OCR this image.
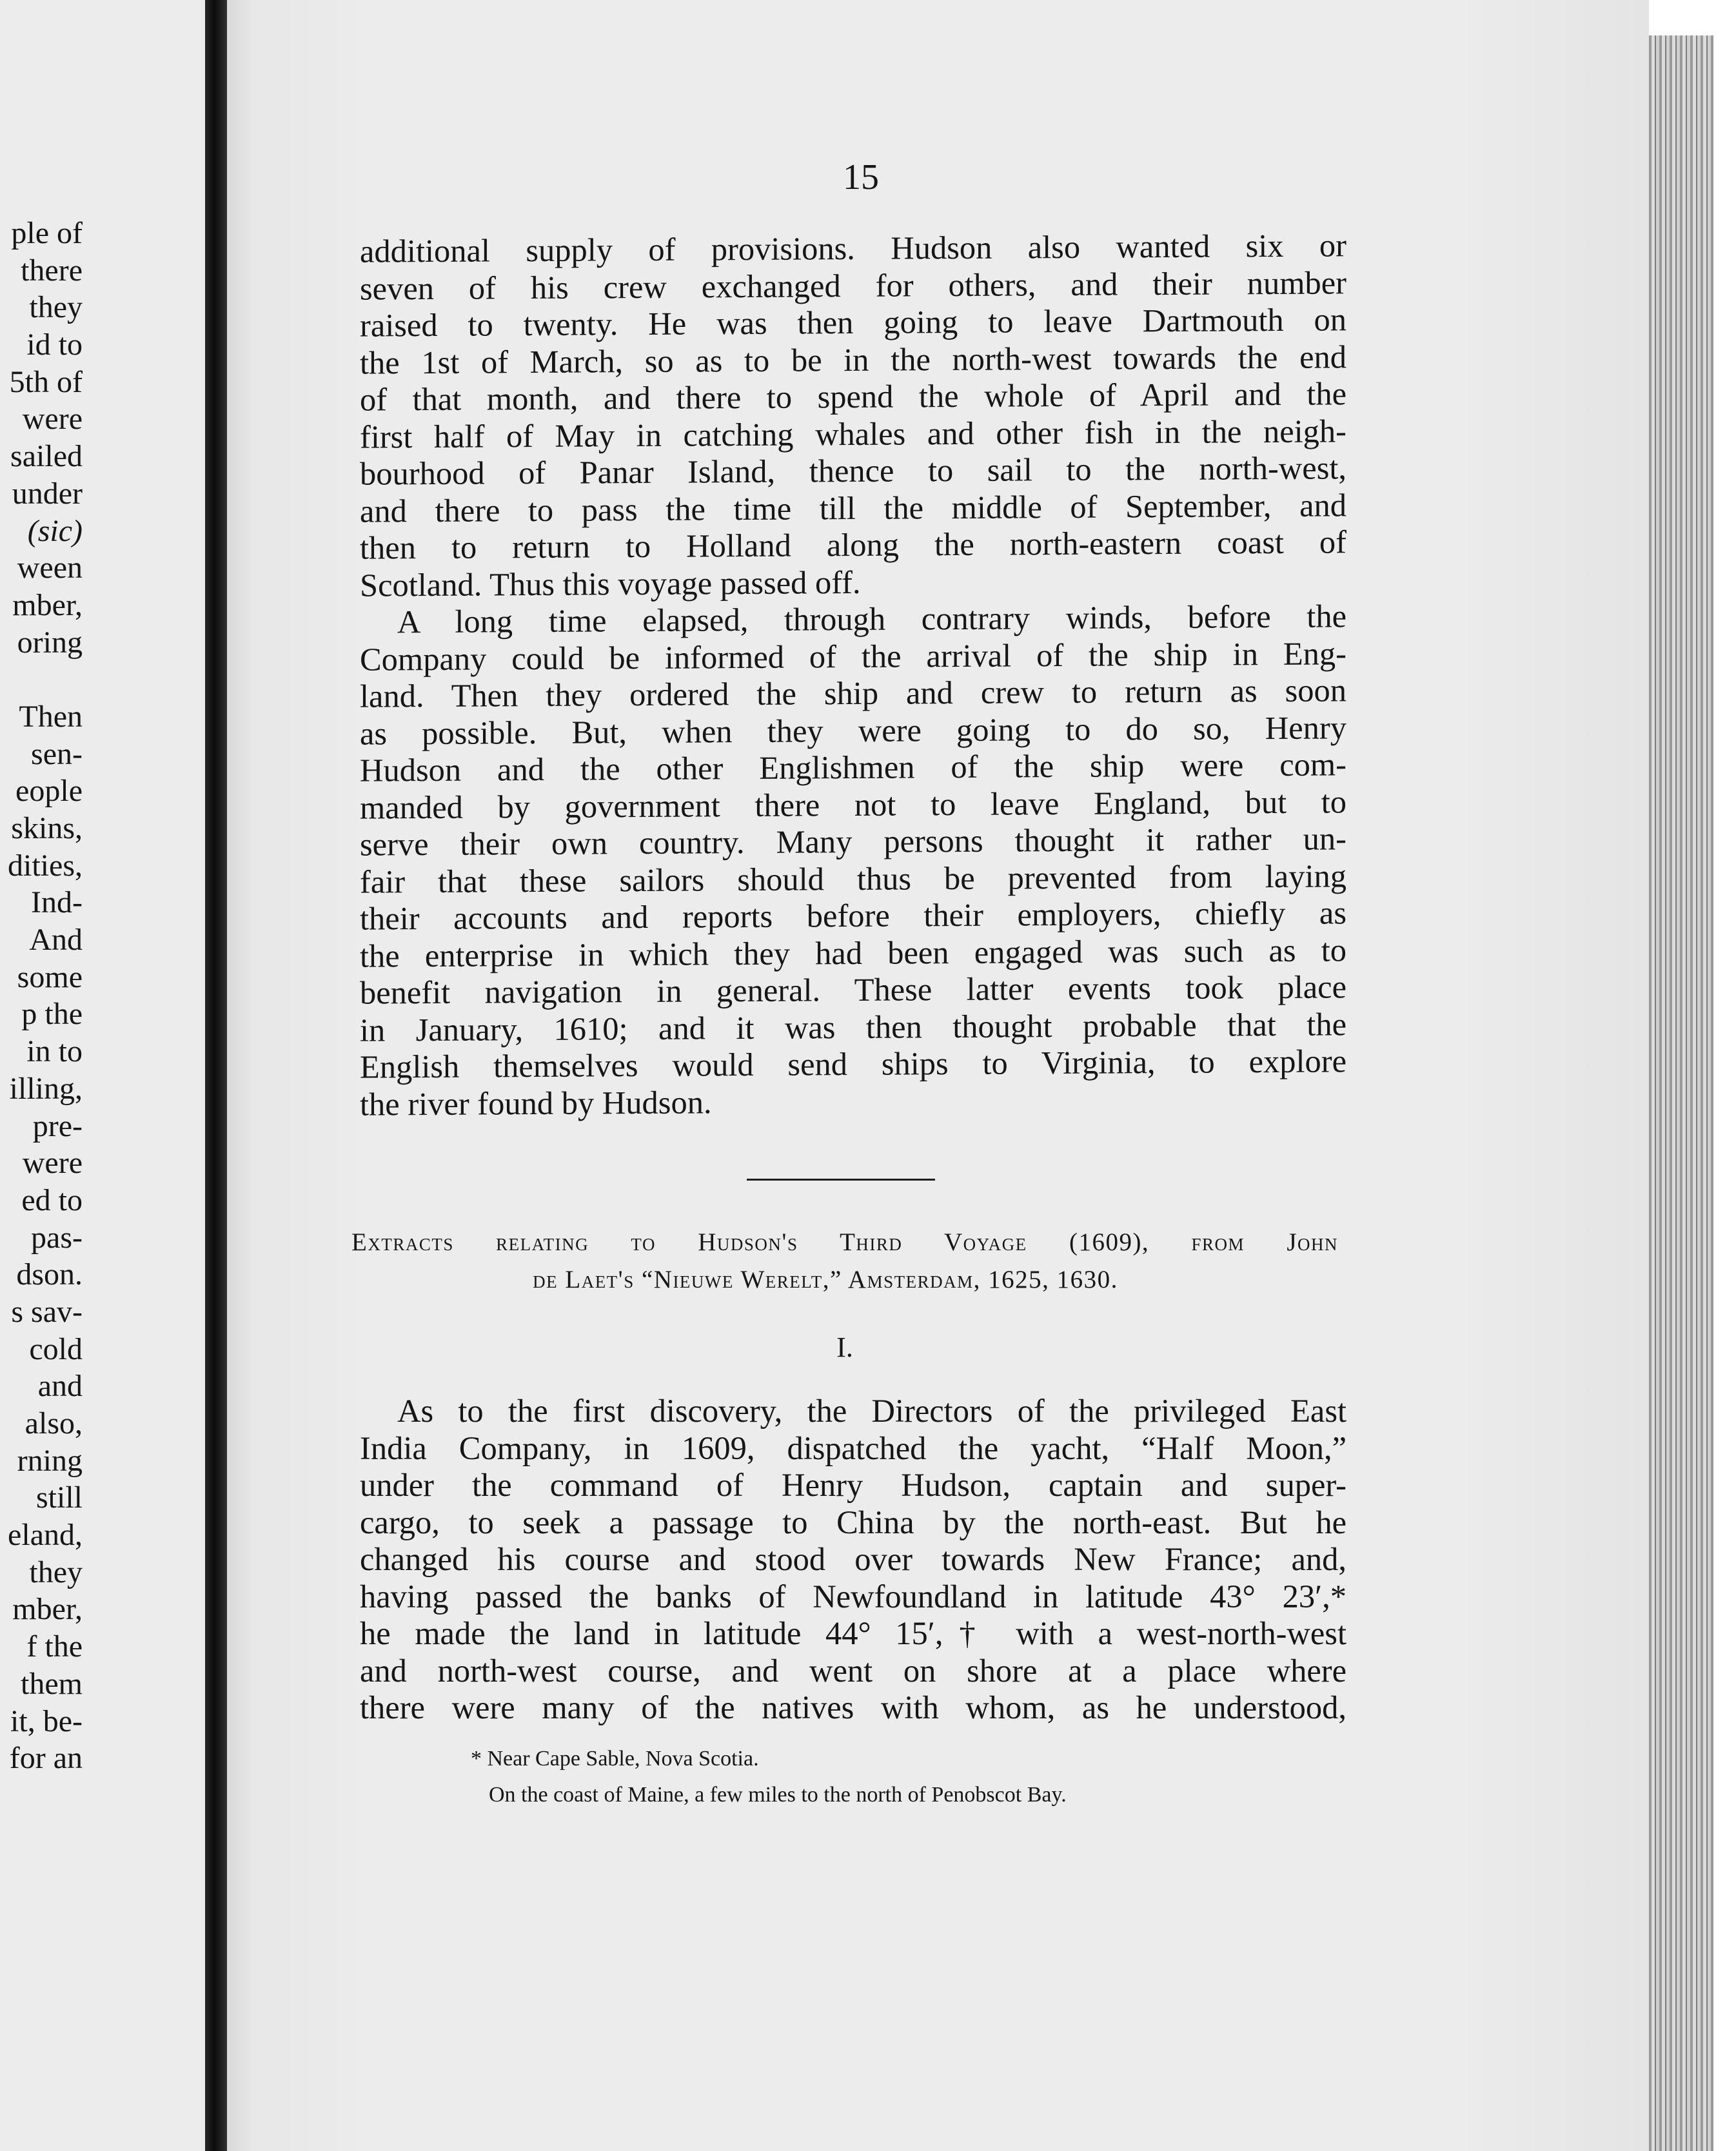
ple of
there
they
id to
5th of
were
sailed
under
(sic)
ween
mber,
oring
Then
sen-
eople
skins,
dities,
Ind-
And
some
p the
in to
illing,
pre-
were
ed to
pas-
dson.
s sav-
cold
and
also,
rning
still
eland,
they
mber,
f the
them
it, be-
for an
15
additional supply of provisions. Hudson also wanted six or
seven of his crew exchanged for others, and their number
raised to twenty. He was then going to leave Dartmouth on
the 1st of March, so as to be in the north-west towards the end
of that month, and there to spend the whole of April and the
first half of May in catching whales and other fish in the neigh-
bourhood of Panar Island, thence to sail to the north-west,
and there to pass the time till the middle of September, and
then to return to Holland along the north-eastern coast of
Scotland. Thus this voyage passed off.
A long time elapsed, through contrary winds, before the
Company could be informed of the arrival of the ship in Eng-
land. Then they ordered the ship and crew to return as soon
as possible. But, when they were going to do so, Henry
Hudson and the other Englishmen of the ship were com-
manded by government there not to leave England, but to
serve their own country. Many persons thought it rather un-
fair that these sailors should thus be prevented from laying
their accounts and reports before their employers, chiefly as
the enterprise in which they had been engaged was such as to
benefit navigation in general. These latter events took place
in January, 1610; and it was then thought probable that the
English themselves would send ships to Virginia, to explore
the river found by Hudson.
Extracts relating to Hudson's Third Voyage (1609), from John
de Laet's “Nieuwe Werelt,” Amsterdam, 1625, 1630.
I.
As to the first discovery, the Directors of the privileged East
India Company, in 1609, dispatched the yacht, “Half Moon,”
under the command of Henry Hudson, captain and super-
cargo, to seek a passage to China by the north-east. But he
changed his course and stood over towards New France; and,
having passed the banks of Newfoundland in latitude 43° 23′,*
he made the land in latitude 44° 15′,† with a west-north-west
and north-west course, and went on shore at a place where
there were many of the natives with whom, as he understood,
* Near Cape Sable, Nova Scotia.
On the coast of Maine, a few miles to the north of Penobscot Bay.
